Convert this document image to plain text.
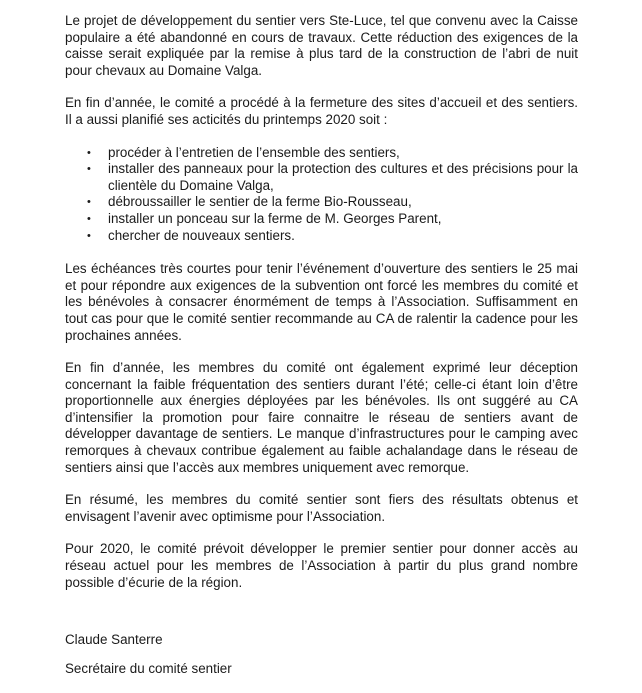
Le projet de développement du sentier vers Ste-Luce, tel que convenu avec la Caisse populaire a été abandonné en cours de travaux. Cette réduction des exigences de la caisse serait expliquée par la remise à plus tard de la construction de l’abri de nuit pour chevaux au Domaine Valga.

En fin d’année, le comité a procédé à la fermeture des sites d’accueil et des sentiers. Il a aussi planifié ses acticités du printemps 2020 soit :

• procéder à l’entretien de l’ensemble des sentiers,
• installer des panneaux pour la protection des cultures et des précisions pour la clientèle du Domaine Valga,
• débroussailler le sentier de la ferme Bio-Rousseau,
• installer un ponceau sur la ferme de M. Georges Parent,
• chercher de nouveaux sentiers.

Les échéances très courtes pour tenir l’événement d’ouverture des sentiers le 25 mai et pour répondre aux exigences de la subvention ont forcé les membres du comité et les bénévoles à consacrer énormément de temps à l’Association. Suffisamment en tout cas pour que le comité sentier recommande au CA de ralentir la cadence pour les prochaines années.

En fin d’année, les membres du comité ont également exprimé leur déception concernant la faible fréquentation des sentiers durant l’été; celle-ci étant loin d’être proportionnelle aux énergies déployées par les bénévoles. Ils ont suggéré au CA d’intensifier la promotion pour faire connaitre le réseau de sentiers avant de développer davantage de sentiers. Le manque d’infrastructures pour le camping avec remorques à chevaux contribue également au faible achalandage dans le réseau de sentiers ainsi que l’accès aux membres uniquement avec remorque.

En résumé, les membres du comité sentier sont fiers des résultats obtenus et envisagent l’avenir avec optimisme pour l’Association.

Pour 2020, le comité prévoit développer le premier sentier pour donner accès au réseau actuel pour les membres de l’Association à partir du plus grand nombre possible d’écurie de la région.

Claude Santerre

Secrétaire du comité sentier
